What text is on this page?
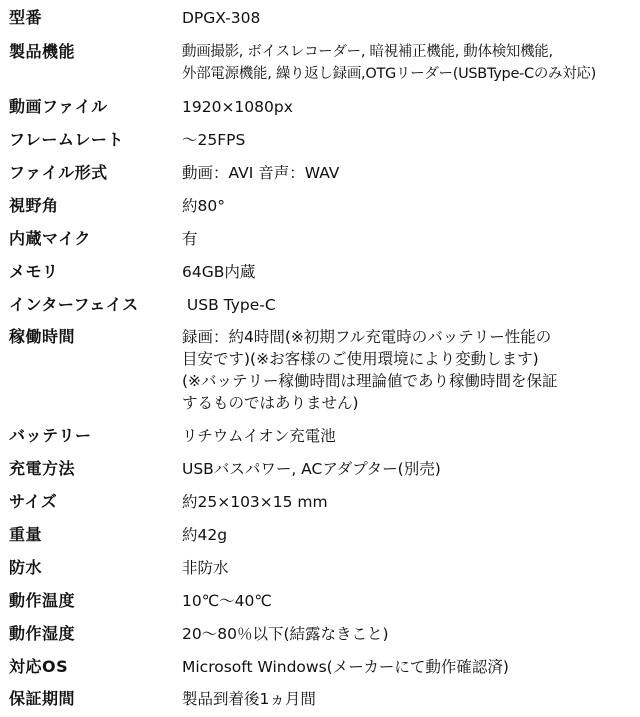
型番	DPGX-308
製品機能	動画撮影, ボイスレコーダー, 暗視補正機能, 動体検知機能,
外部電源機能, 繰り返し録画,OTGリーダー(USBType-Cのみ対応)
動画ファイル	1920×1080px
フレームレート	〜25FPS
ファイル形式	動画：AVI 音声：WAV
視野角	約80°
内蔵マイク	有
メモリ	64GB内蔵
インターフェイス	USB Type-C
稼働時間	録画：約4時間(※初期フル充電時のバッテリー性能の
目安です)(※お客様のご使用環境により変動します)
(※バッテリー稼働時間は理論値であり稼働時間を保証
するものではありません)
バッテリー	リチウムイオン充電池
充電方法	USBバスパワー, ACアダプター(別売)
サイズ	約25×103×15 mm
重量	約42g
防水	非防水
動作温度	10℃〜40℃
動作湿度	20〜80％以下(結露なきこと)
対応OS	Microsoft Windows(メーカーにて動作確認済)
保証期間	製品到着後1ヵ月間
